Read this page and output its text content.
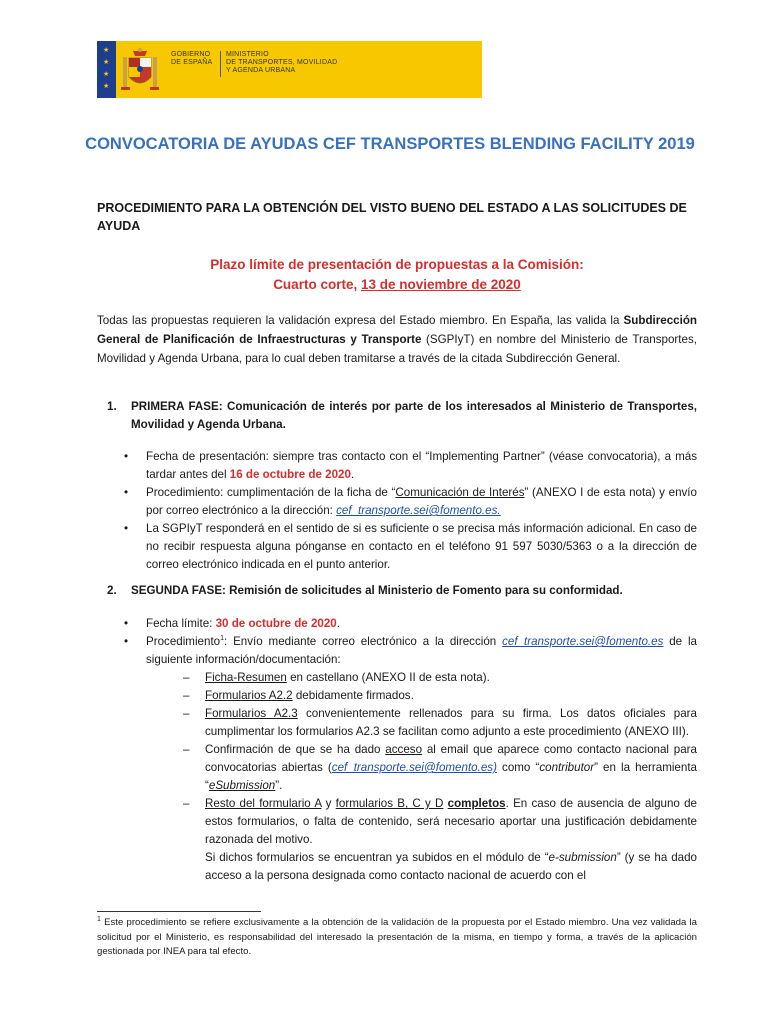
★
★
★
★
GOBIERNO
DE ESPAÑA
MINISTERIO
DE TRANSPORTES, MOVILIDAD
Y AGENDA URBANA
CONVOCATORIA DE AYUDAS CEF TRANSPORTES BLENDING FACILITY 2019
PROCEDIMIENTO PARA LA OBTENCIÓN DEL VISTO BUENO DEL ESTADO A LAS SOLICITUDES DE AYUDA
Plazo límite de presentación de propuestas a la Comisión:
Cuarto corte, 13 de noviembre de 2020
Todas las propuestas requieren la validación expresa del Estado miembro. En España, las valida la Subdirección General de Planificación de Infraestructuras y Transporte (SGPIyT) en nombre del Ministerio de Transportes, Movilidad y Agenda Urbana, para lo cual deben tramitarse a través de la citada Subdirección General.
1. PRIMERA FASE: Comunicación de interés por parte de los interesados al Ministerio de Transportes, Movilidad y Agenda Urbana.
• Fecha de presentación: siempre tras contacto con el “Implementing Partner” (véase convocatoria), a más tardar antes del 16 de octubre de 2020.
• Procedimiento: cumplimentación de la ficha de “Comunicación de Interés” (ANEXO I de esta nota) y envío por correo electrónico a la dirección: cef_transporte.sei@fomento.es.
• La SGPIyT responderá en el sentido de si es suficiente o se precisa más información adicional. En caso de no recibir respuesta alguna pónganse en contacto en el teléfono 91 597 5030/5363 o a la dirección de correo electrónico indicada en el punto anterior.
2. SEGUNDA FASE: Remisión de solicitudes al Ministerio de Fomento para su conformidad.
• Fecha límite: 30 de octubre de 2020.
• Procedimiento$^1$: Envío mediante correo electrónico a la dirección cef_transporte.sei@fomento.es de la siguiente información/documentación:
– Ficha-Resumen en castellano (ANEXO II de esta nota).
– Formularios A2.2 debidamente firmados.
– Formularios A2.3 convenientemente rellenados para su firma. Los datos oficiales para cumplimentar los formularios A2.3 se facilitan como adjunto a este procedimiento (ANEXO III).
– Confirmación de que se ha dado acceso al email que aparece como contacto nacional para convocatorias abiertas (cef_transporte.sei@fomento.es) como “contributor” en la herramienta “eSubmission”.
– Resto del formulario A y formularios B, C y D completos. En caso de ausencia de alguno de estos formularios, o falta de contenido, será necesario aportar una justificación debidamente razonada del motivo.
Si dichos formularios se encuentran ya subidos en el módulo de “e-submission” (y se ha dado acceso a la persona designada como contacto nacional de acuerdo con el
$^1$ Este procedimiento se refiere exclusivamente a la obtención de la validación de la propuesta por el Estado miembro. Una vez validada la solicitud por el Ministerio, es responsabilidad del interesado la presentación de la misma, en tiempo y forma, a través de la aplicación gestionada por INEA para tal efecto.
